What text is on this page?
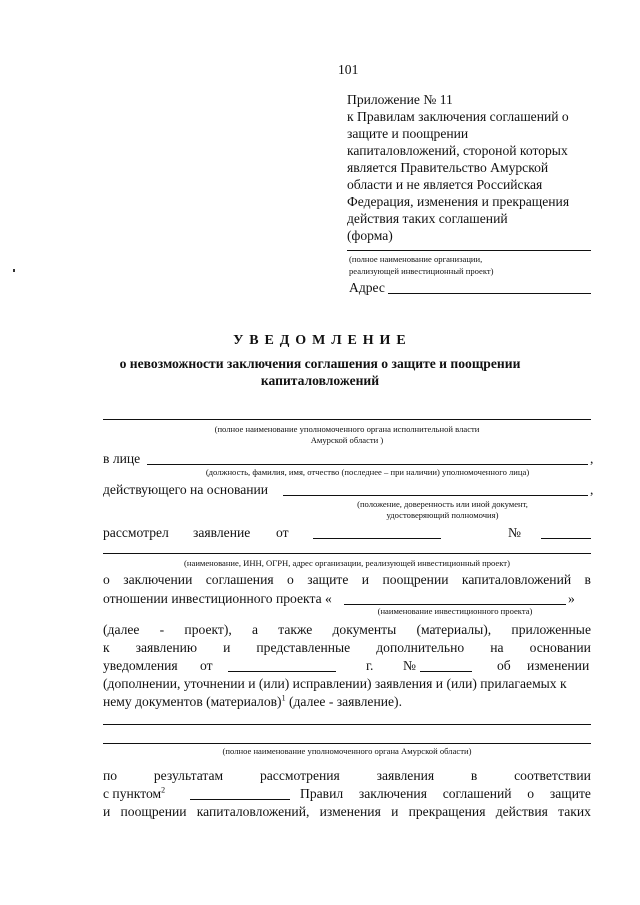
101
Приложение № 11
к Правилам заключения соглашений о
защите и поощрении
капиталовложений, стороной которых
является Правительство Амурской
области и не является Российская
Федерация, изменения и прекращения
действия таких соглашений
(форма)
(полное наименование организации,
реализующей инвестиционный проект)
Адрес
У В Е Д О М Л Е Н И Е
о невозможности заключения соглашения о защите и поощрении
капиталовложений
(полное наименование уполномоченного органа исполнительной власти
Амурской области )
в лице	,
(должность, фамилия, имя, отчество (последнее – при наличии) уполномоченного лица)
действующего на основании	,
(положение, доверенность или иной документ,
удостоверяющий полномочия)
рассмотрел заявление от	№
(наименование, ИНН, ОГРН, адрес организации, реализующей инвестиционный проект)
о заключении соглашения о защите и поощрении капиталовложений в
отношении инвестиционного проекта «	»
(наименование инвестиционного проекта)
(далее - проект), а также документы (материалы), приложенные
к заявлению и представленные дополнительно на основании
уведомления от	г. №	об изменении
(дополнении, уточнении и (или) исправлении) заявления и (или) прилагаемых к
нему документов (материалов)$^1$ (далее - заявление).
(полное наименование уполномоченного органа Амурской области)
по	результатам	рассмотрения	заявления	в	соответствии
с пунктом$^2$	Правил заключения соглашений о защите
и поощрении капиталовложений, изменения и прекращения действия таких
